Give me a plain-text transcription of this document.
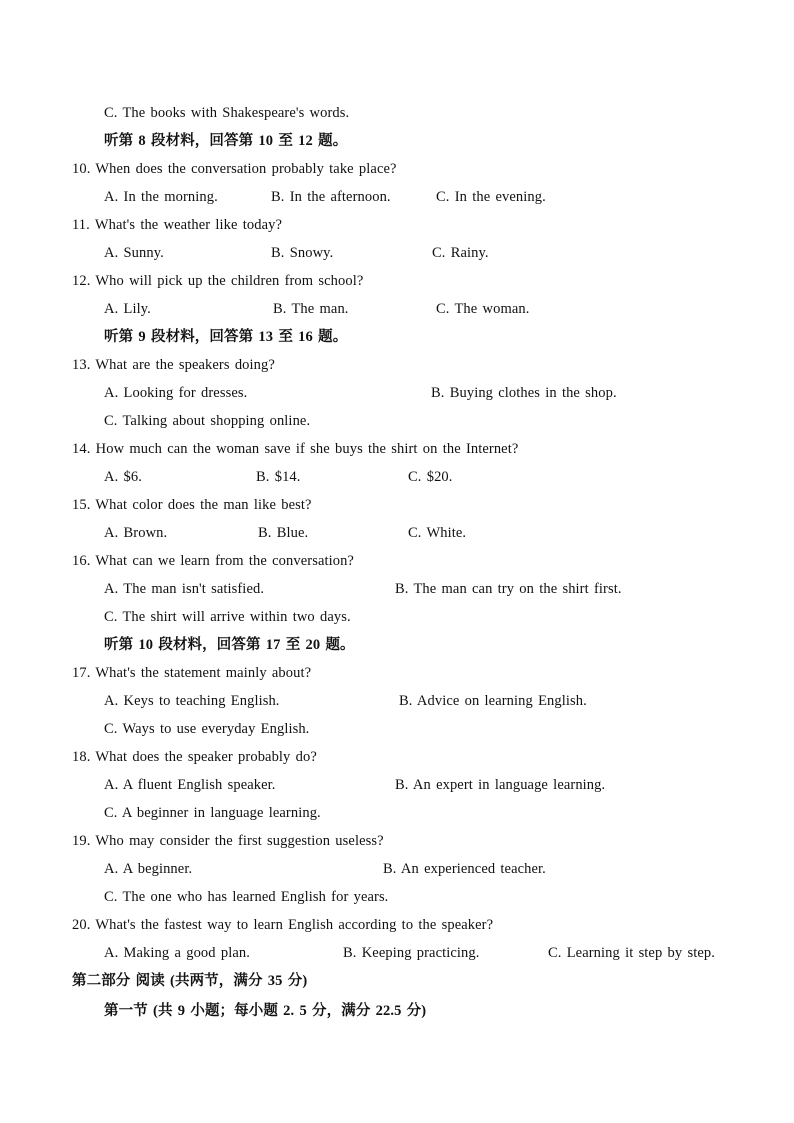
C. The books with Shakespeare's words.
听第 8 段材料，回答第 10 至 12 题。
10. When does the conversation probably take place?
A. In the morning.	B. In the afternoon.	C. In the evening.
11. What's the weather like today?
A. Sunny.	B. Snowy.	C. Rainy.
12. Who will pick up the children from school?
A. Lily.	B. The man.	C. The woman.
听第 9 段材料，回答第 13 至 16 题。
13. What are the speakers doing?
A. Looking for dresses.	B. Buying clothes in the shop.
C. Talking about shopping online.
14. How much can the woman save if she buys the shirt on the Internet?
A. $6.	B. $14.	C. $20.
15. What color does the man like best?
A. Brown.	B. Blue.	C. White.
16. What can we learn from the conversation?
A. The man isn't satisfied.	B. The man can try on the shirt first.
C. The shirt will arrive within two days.
听第 10 段材料，回答第 17 至 20 题。
17. What's the statement mainly about?
A. Keys to teaching English.	B. Advice on learning English.
C. Ways to use everyday English.
18. What does the speaker probably do?
A. A fluent English speaker.	B. An expert in language learning.
C. A beginner in language learning.
19. Who may consider the first suggestion useless?
A. A beginner.	B. An experienced teacher.
C. The one who has learned English for years.
20. What's the fastest way to learn English according to the speaker?
A. Making a good plan.	B. Keeping practicing.	C. Learning it step by step.
第二部分 阅读 (共两节，满分 35 分)
第一节 (共 9 小题；每小题 2. 5 分，满分 22.5 分)
